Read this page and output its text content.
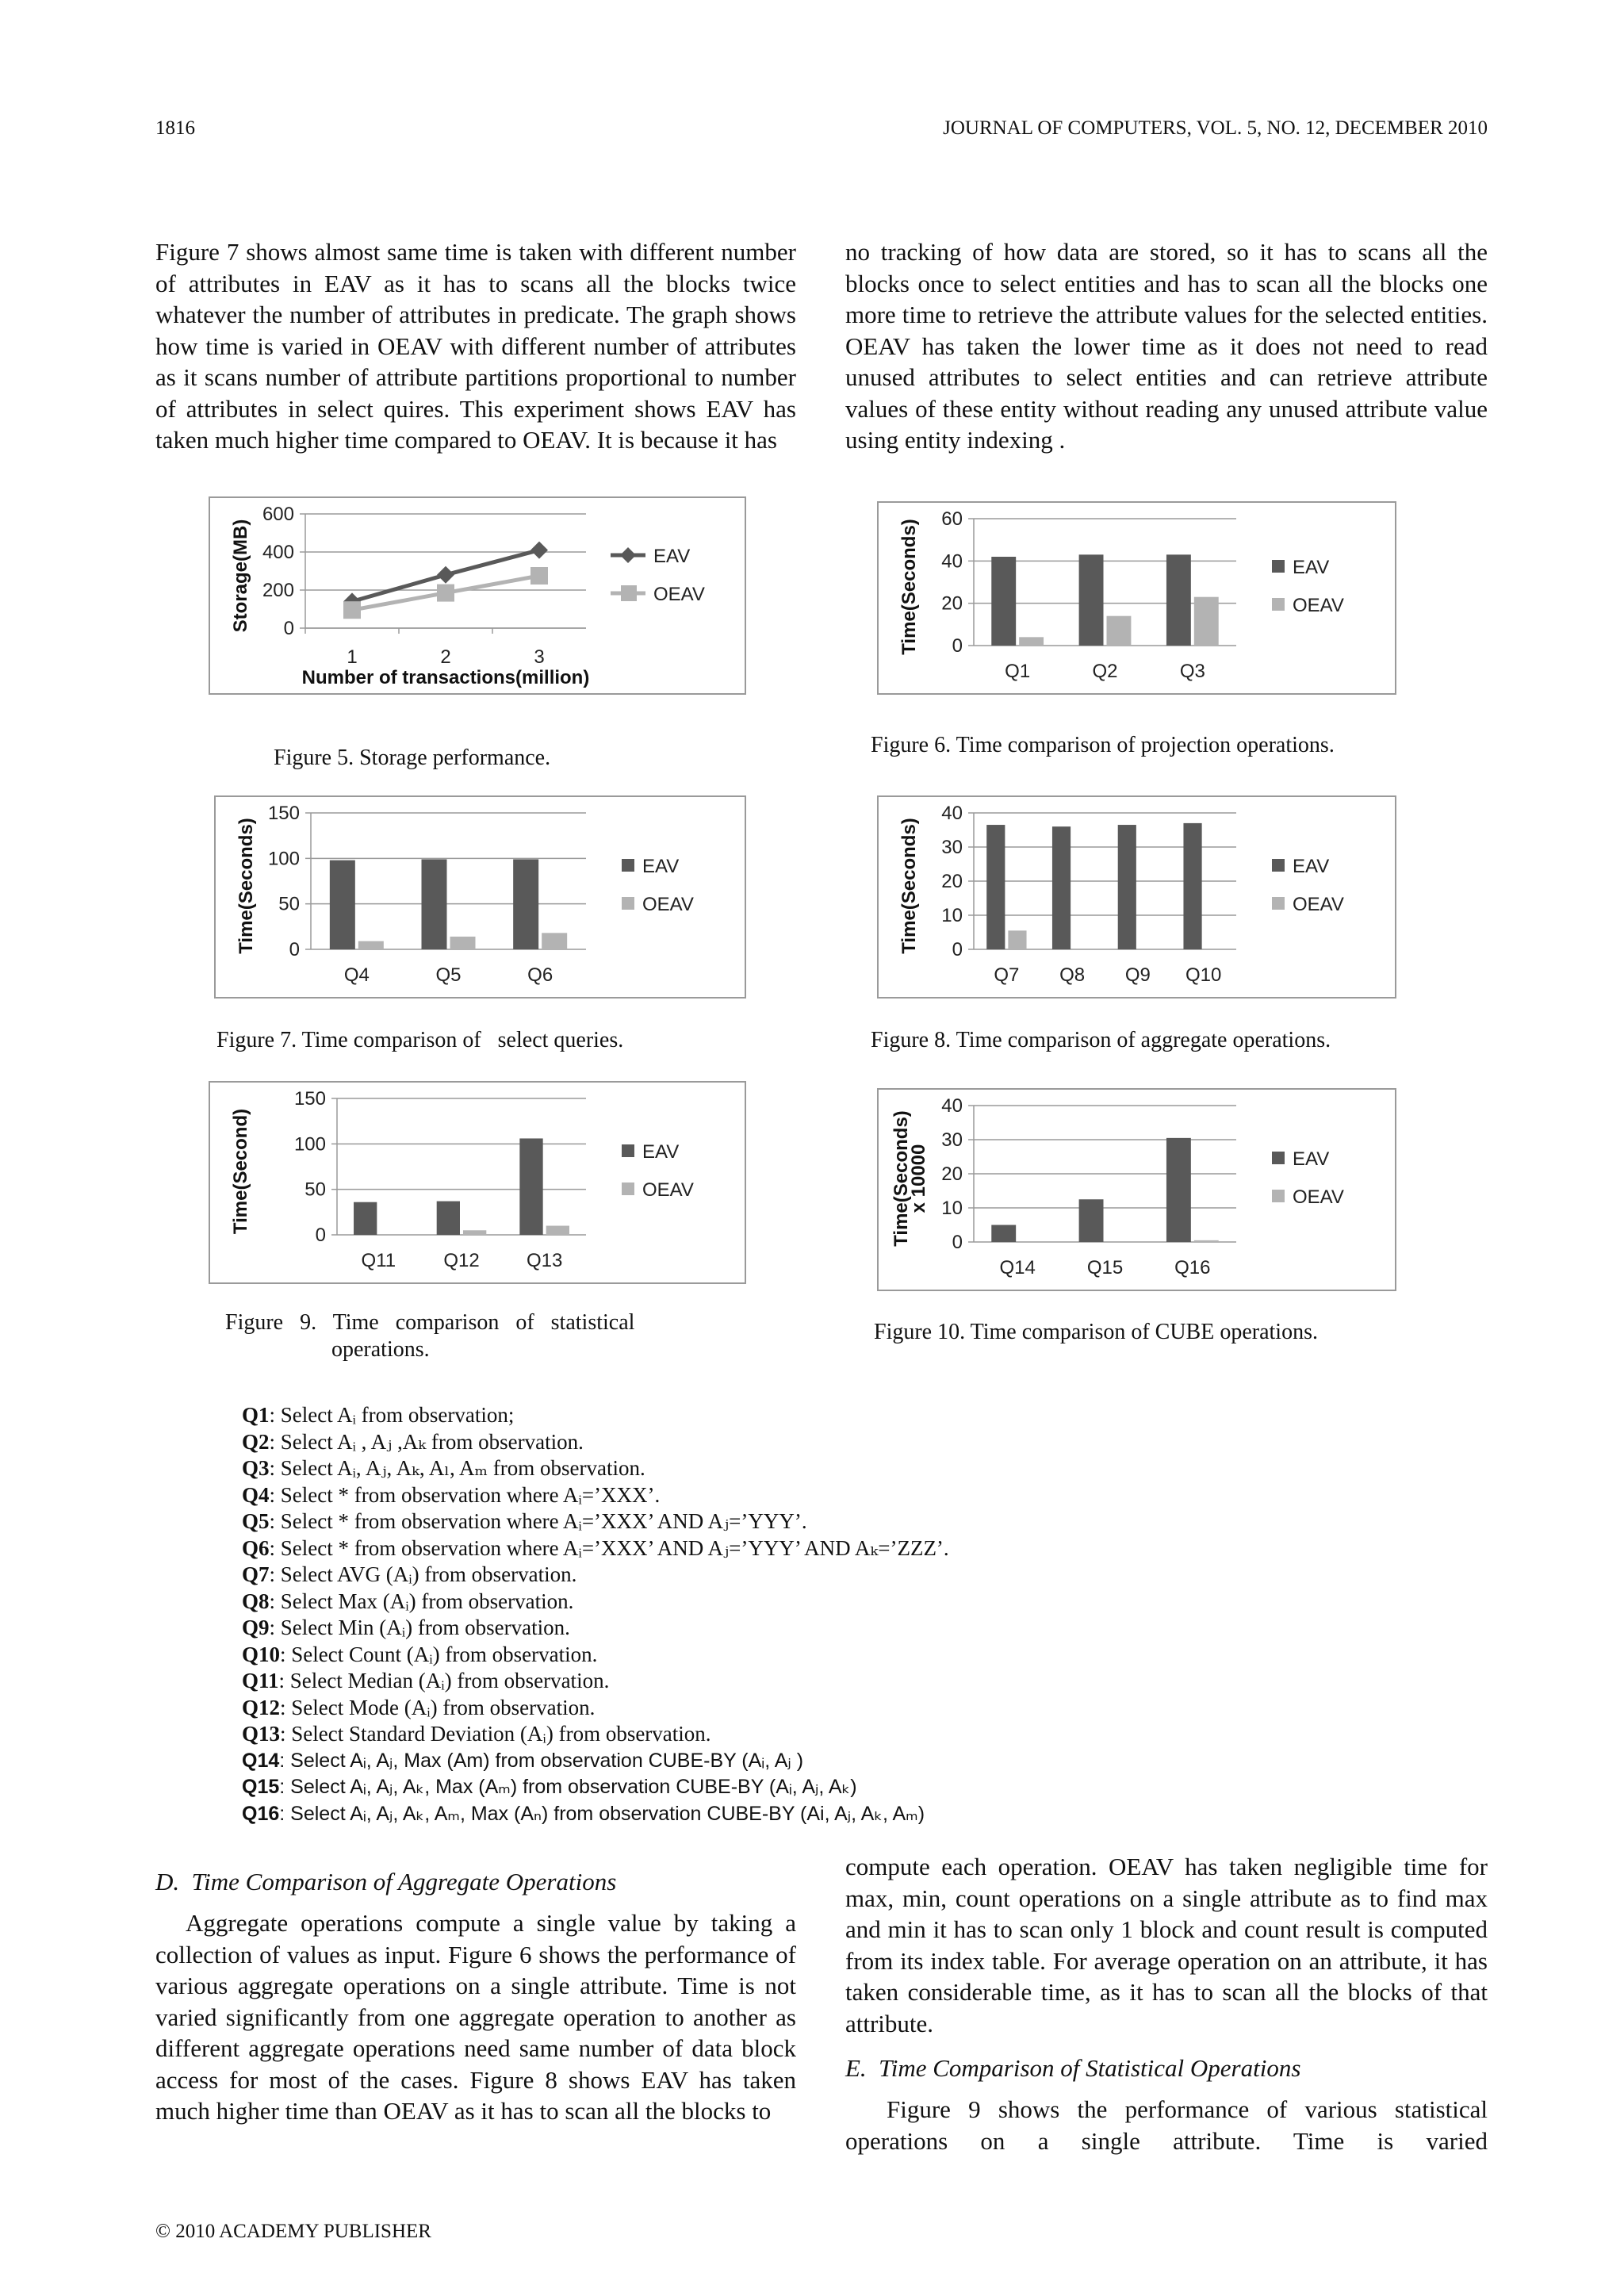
1816	JOURNAL OF COMPUTERS, VOL. 5, NO. 12, DECEMBER 2010

Figure 7 shows almost same time is taken with different number of attributes in EAV as it has to scans all the blocks twice whatever the number of attributes in predicate. The graph shows how time is varied in OEAV with different number of attributes as it scans number of attribute partitions proportional to number of attributes in select quires. This experiment shows EAV has taken much higher time compared to OEAV. It is because it has

no tracking of how data are stored, so it has to scans all the blocks once to select entities and has to scan all the blocks one more time to retrieve the attribute values for the selected entities. OEAV has taken the lower time as it does not need to read unused attributes to select entities and can retrieve attribute values of these entity without reading any unused attribute value using entity indexing .

0
200
400
600
Storage(MB)
1	2	3
Number of transactions(million)
EAV
OEAV
0
20
40
60
Time(Seconds)
Q1	Q2	Q3
EAV
OEAV
0
50
100
150
Time(Seconds)
Q4	Q5	Q6
EAV
OEAV
0
10
20
30
40
Time(Seconds)
Q7 Q8 Q9 Q10
EAV
OEAV
0
50
100
150
Time(Second)
Q11	Q12 Q13
EAV
OEAV
0
10
20
30
40
Time(Seconds)
x 10000
Q14	Q15	Q16
EAV
OEAV
Figure 5. Storage performance.
Figure 6. Time comparison of projection operations.
Figure 7. Time comparison of   select queries.	Figure 8. Time comparison of aggregate operations.
Figure   9.   Time   comparison   of   statistical
operations.
Figure 10. Time comparison of CUBE operations.
Q1: Select Aᵢ from observation;
Q2: Select Aᵢ , Aⱼ ,Aₖ from observation.
Q3: Select Aᵢ, Aⱼ, Aₖ, Aₗ, Aₘ from observation.
Q4: Select * from observation where Aᵢ=’XXX’.
Q5: Select * from observation where Aᵢ=’XXX’ AND Aⱼ=’YYY’.
Q6: Select * from observation where Aᵢ=’XXX’ AND Aⱼ=’YYY’ AND Aₖ=’ZZZ’.
Q7: Select AVG (Aᵢ) from observation.
Q8: Select Max (Aᵢ) from observation.
Q9: Select Min (Aᵢ) from observation.
Q10: Select Count (Aᵢ) from observation.
Q11: Select Median (Aᵢ) from observation.
Q12: Select Mode (Aᵢ) from observation.
Q13: Select Standard Deviation (Aᵢ) from observation.
Q14: Select Aᵢ, Aⱼ, Max (Am) from observation CUBE-BY (Aᵢ, Aⱼ )
Q15: Select Aᵢ, Aⱼ, Aₖ, Max (Aₘ) from observation CUBE-BY (Aᵢ, Aⱼ, Aₖ)
Q16: Select Aᵢ, Aⱼ, Aₖ, Aₘ, Max (Aₙ) from observation CUBE-BY (Ai, Aⱼ, Aₖ, Aₘ)
D.  Time Comparison of Aggregate Operations

Aggregate operations compute a single value by taking a collection of values as input. Figure 6 shows the performance of various aggregate operations on a single attribute. Time is not varied significantly from one aggregate operation to another as different aggregate operations need same number of data block access for most of the cases. Figure 8 shows EAV has taken much higher time than OEAV as it has to scan all the blocks to

compute each operation. OEAV has taken negligible time for max, min, count operations on a single attribute as to find max and min it has to scan only 1 block and count result is computed from its index table. For average operation on an attribute, it has taken considerable time, as it has to scan all the blocks of that attribute.

E.  Time Comparison of Statistical Operations

Figure 9 shows the performance of various statistical operations on a single attribute. Time is varied

© 2010 ACADEMY PUBLISHER
